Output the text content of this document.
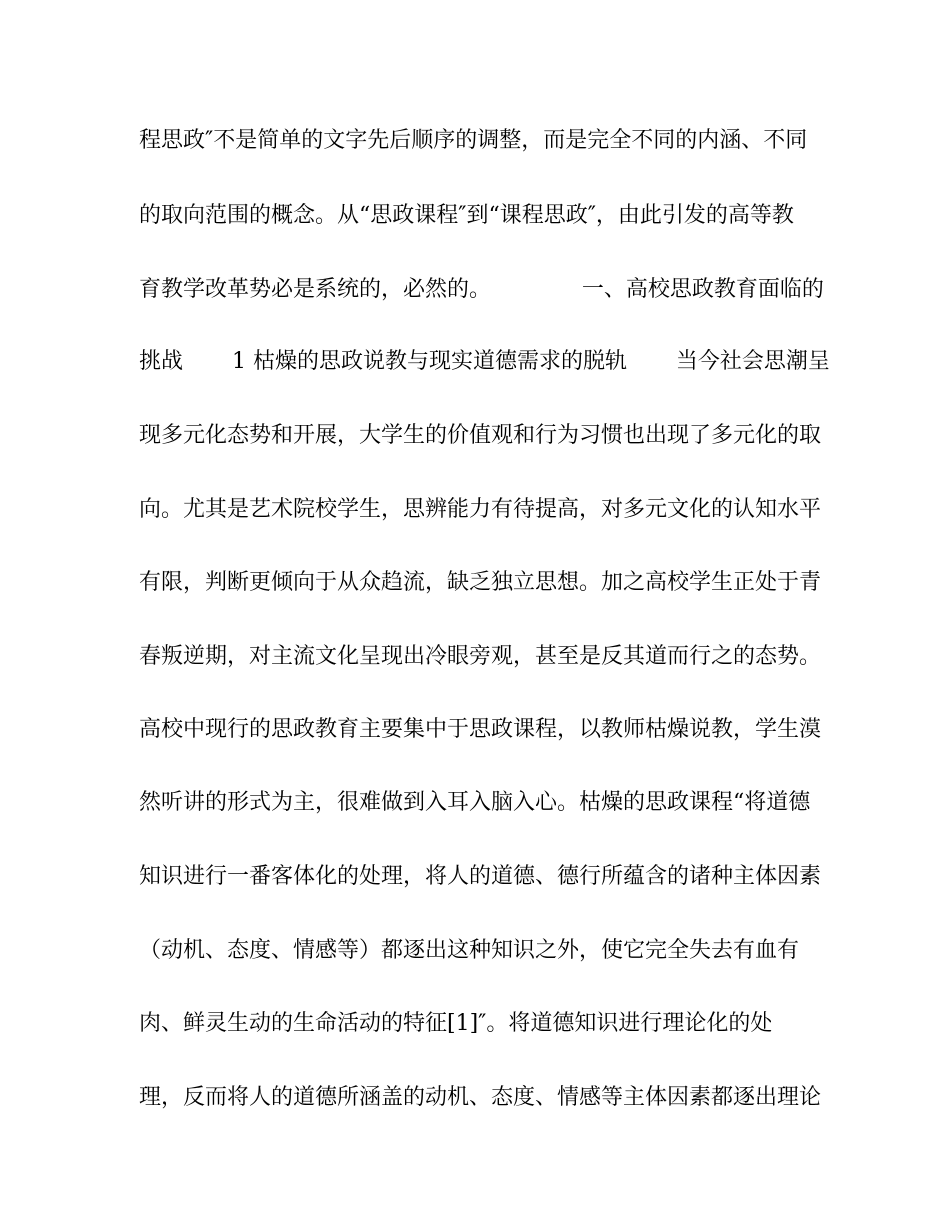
程思政″不是简单的文字先后顺序的调整，而是完全不同的内涵、不同
的取向范围的概念。从“思政课程″到“课程思政″，由此引发的高等教
育教学改革势必是系统的，必然的。             一、高校思政教育面临的
挑战       1 枯燥的思政说教与现实道德需求的脱轨       当今社会思潮呈
现多元化态势和开展，大学生的价值观和行为习惯也出现了多元化的取
向。尤其是艺术院校学生，思辨能力有待提高，对多元文化的认知水平
有限，判断更倾向于从众趋流，缺乏独立思想。加之高校学生正处于青
春叛逆期，对主流文化呈现出冷眼旁观，甚至是反其道而行之的态势。
高校中现行的思政教育主要集中于思政课程，以教师枯燥说教，学生漠
然听讲的形式为主，很难做到入耳入脑入心。枯燥的思政课程“将道德
知识进行一番客体化的处理，将人的道德、德行所蕴含的诸种主体因素
（动机、态度、情感等）都逐出这种知识之外，使它完全失去有血有
肉、鲜灵生动的生命活动的特征[1]″。将道德知识进行理论化的处
理，反而将人的道德所涵盖的动机、态度、情感等主体因素都逐出理论
